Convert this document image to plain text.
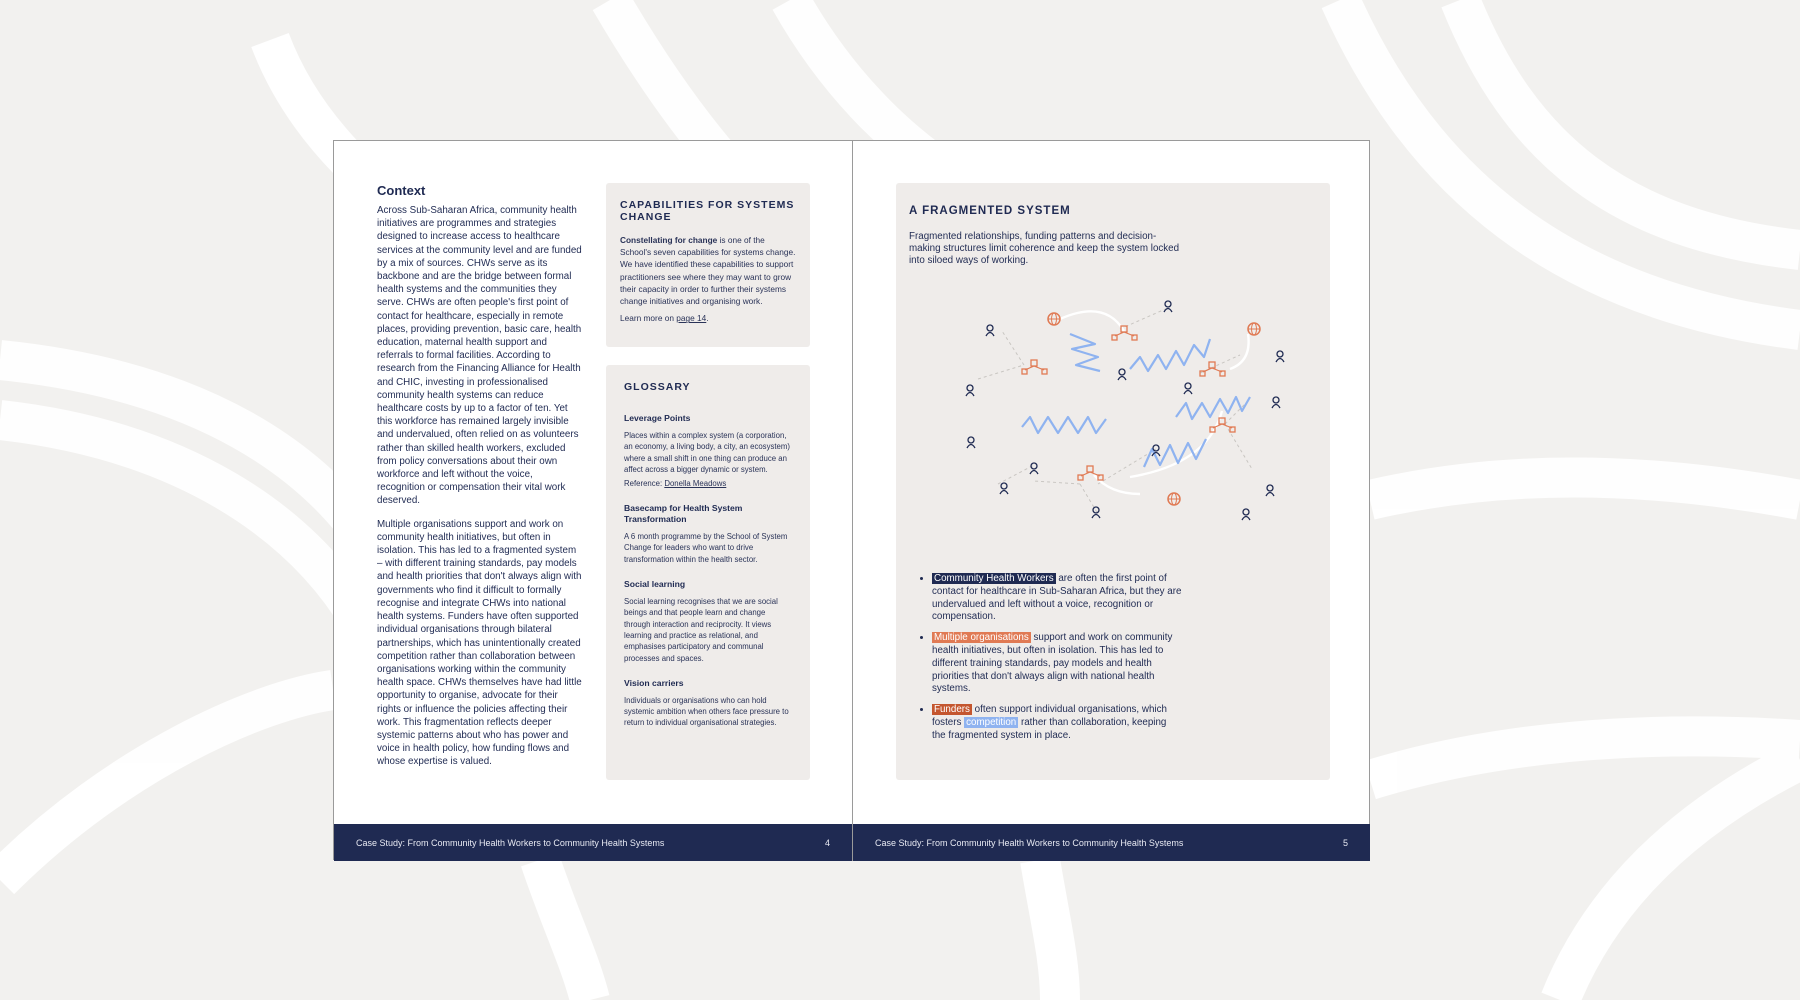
Context

Across Sub-Saharan Africa, community health initiatives are programmes and strategies designed to increase access to healthcare services at the community level and are funded by a mix of sources. CHWs serve as its backbone and are the bridge between formal health systems and the communities they serve. CHWs are often people's first point of contact for healthcare, especially in remote places, providing prevention, basic care, health education, maternal health support and referrals to formal facilities. According to research from the Financing Alliance for Health and CHIC, investing in professionalised community health systems can reduce healthcare costs by up to a factor of ten. Yet this workforce has remained largely invisible and undervalued, often relied on as volunteers rather than skilled health workers, excluded from policy conversations about their own workforce and left without the voice, recognition or compensation their vital work deserved.

Multiple organisations support and work on community health initiatives, but often in isolation. This has led to a fragmented system – with different training standards, pay models and health priorities that don't always align with governments who find it difficult to formally recognise and integrate CHWs into national health systems. Funders have often supported individual organisations through bilateral partnerships, which has unintentionally created competition rather than collaboration between organisations working within the community health space. CHWs themselves have had little opportunity to organise, advocate for their rights or influence the policies affecting their work. This fragmentation reflects deeper systemic patterns about who has power and voice in health policy, how funding flows and whose expertise is valued.

CAPABILITIES FOR SYSTEMS CHANGE

Constellating for change is one of the School's seven capabilities for systems change. We have identified these capabilities to support practitioners see where they may want to grow their capacity in order to further their systems change initiatives and organising work.

Learn more on page 14.

GLOSSARY

Leverage Points

Places within a complex system (a corporation, an economy, a living body, a city, an ecosystem) where a small shift in one thing can produce an affect across a bigger dynamic or system.

Reference: Donella Meadows

Basecamp for Health System Transformation

A 6 month programme by the School of System Change for leaders who want to drive transformation within the health sector.

Social learning

Social learning recognises that we are social beings and that people learn and change through interaction and reciprocity. It views learning and practice as relational, and emphasises participatory and communal processes and spaces.

Vision carriers

Individuals or organisations who can hold systemic ambition when others face pressure to return to individual organisational strategies.

Case Study: From Community Health Workers to Community Health Systems	4
A FRAGMENTED SYSTEM

Fragmented relationships, funding patterns and decision-making structures limit coherence and keep the system locked into siloed ways of working.

• Community Health Workers are often the first point of contact for healthcare in Sub-Saharan Africa, but they are undervalued and left without a voice, recognition or compensation.
• Multiple organisations support and work on community health initiatives, but often in isolation. This has led to different training standards, pay models and health priorities that don't always align with national health systems.
• Funders often support individual organisations, which fosters competition rather than collaboration, keeping the fragmented system in place.
Case Study: From Community Health Workers to Community Health Systems	5
